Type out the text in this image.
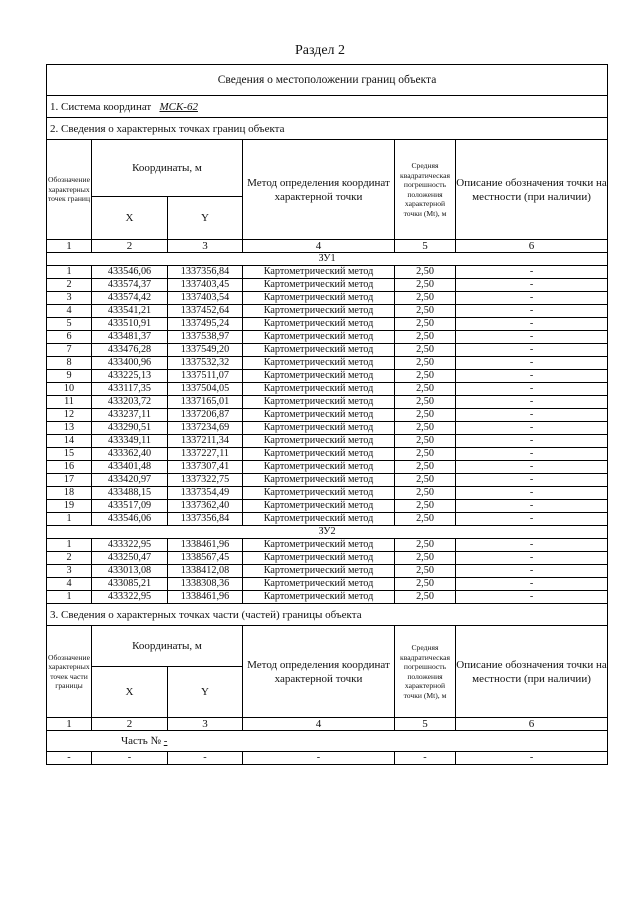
Раздел 2
Сведения о местоположении границ объекта					
1. Система координат МСК-62					
2. Сведения о характерных точках границ объекта					
Обозначение характерных точек границ	Координаты, м		Метод определения координат характерной точки	Средняя квадратическая погрешность положения характерной точки (Mt), м	Описание обозначения точки на местности (при наличии)
	X	Y			
1	2	3	4	5	6
ЗУ1					
1	433546,06	1337356,84	Картометрический метод	2,50	-
2	433574,37	1337403,45	Картометрический метод	2,50	-
3	433574,42	1337403,54	Картометрический метод	2,50	-
4	433541,21	1337452,64	Картометрический метод	2,50	-
5	433510,91	1337495,24	Картометрический метод	2,50	-
6	433481,37	1337538,97	Картометрический метод	2,50	-
7	433476,28	1337549,20	Картометрический метод	2,50	-
8	433400,96	1337532,32	Картометрический метод	2,50	-
9	433225,13	1337511,07	Картометрический метод	2,50	-
10	433117,35	1337504,05	Картометрический метод	2,50	-
11	433203,72	1337165,01	Картометрический метод	2,50	-
12	433237,11	1337206,87	Картометрический метод	2,50	-
13	433290,51	1337234,69	Картометрический метод	2,50	-
14	433349,11	1337211,34	Картометрический метод	2,50	-
15	433362,40	1337227,11	Картометрический метод	2,50	-
16	433401,48	1337307,41	Картометрический метод	2,50	-
17	433420,97	1337322,75	Картометрический метод	2,50	-
18	433488,15	1337354,49	Картометрический метод	2,50	-
19	433517,09	1337362,40	Картометрический метод	2,50	-
1	433546,06	1337356,84	Картометрический метод	2,50	-
ЗУ2					
1	433322,95	1338461,96	Картометрический метод	2,50	-
2	433250,47	1338567,45	Картометрический метод	2,50	-
3	433013,08	1338412,08	Картометрический метод	2,50	-
4	433085,21	1338308,36	Картометрический метод	2,50	-
1	433322,95	1338461,96	Картометрический метод	2,50	-
3. Сведения о характерных точках части (частей) границы объекта					
Обозначение характерных точек части границы	Координаты, м		Метод определения координат характерной точки	Средняя квадратическая погрешность положения характерной точки (Mt), м	Описание обозначения точки на местности (при наличии)
	X	Y			
1	2	3	4	5	6
Часть № -					
-	-	-	-	-	-
